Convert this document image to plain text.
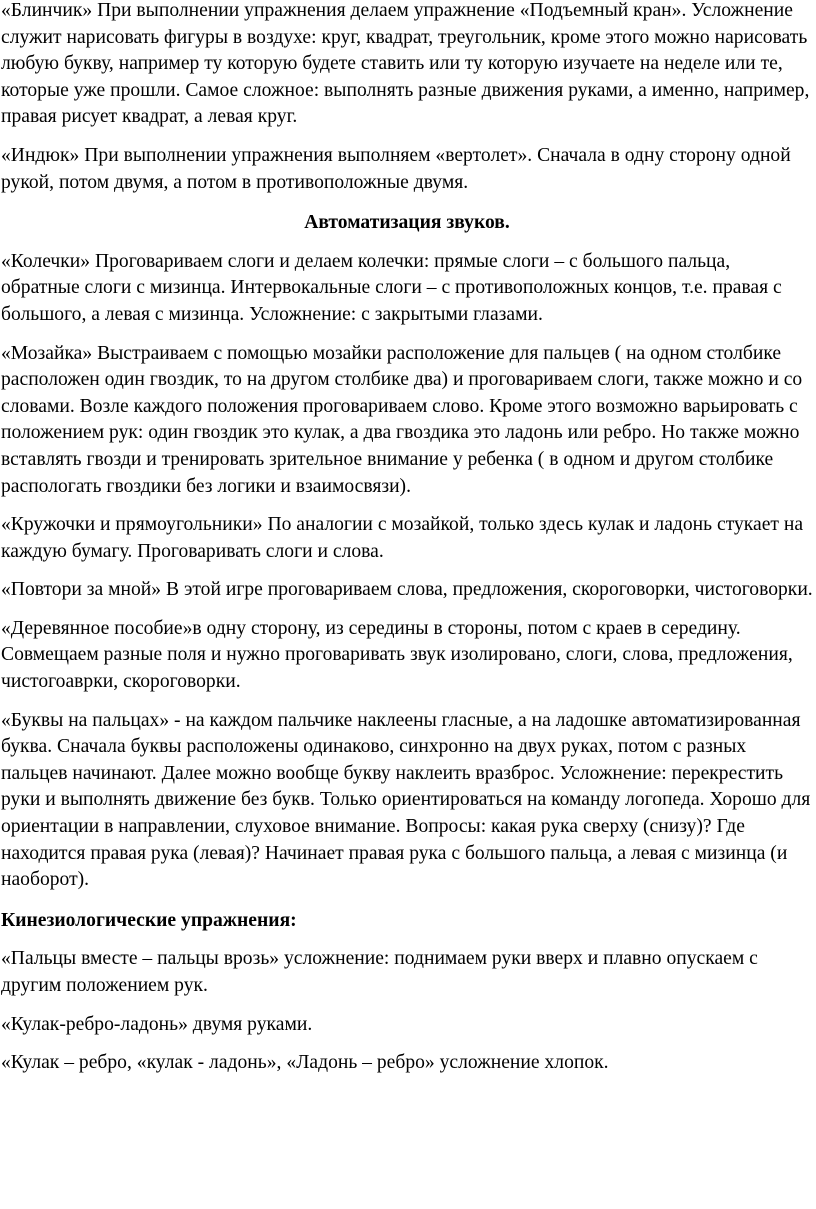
«Блинчик» При выполнении упражнения делаем упражнение «Подъемный кран». Усложнение служит нарисовать фигуры в воздухе: круг, квадрат, треугольник, кроме этого можно нарисовать любую букву, например ту которую будете ставить или ту которую изучаете на неделе или те, которые уже прошли. Самое сложное: выполнять разные движения руками, а именно, например, правая рисует квадрат, а левая круг.

«Индюк» При выполнении упражнения выполняем «вертолет». Сначала в одну сторону одной рукой, потом двумя, а потом в противоположные двумя.

Автоматизация звуков.

«Колечки» Проговариваем слоги и делаем колечки: прямые слоги – с большого пальца, обратные слоги с мизинца. Интервокальные слоги – с противоположных концов, т.е. правая с большого, а левая с мизинца. Усложнение: с закрытыми глазами.

«Мозайка» Выстраиваем с помощью мозайки расположение для пальцев ( на одном столбике расположен один гвоздик, то на другом столбике два) и проговариваем слоги, также можно и со словами. Возле каждого положения проговариваем слово. Кроме этого возможно варьировать с положением рук: один гвоздик это кулак, а два гвоздика это ладонь или ребро. Но также можно вставлять гвозди и тренировать зрительное внимание у ребенка ( в одном и другом столбике распологать гвоздики без логики и взаимосвязи).

«Кружочки и прямоугольники» По аналогии с мозайкой, только здесь кулак и ладонь стукает на каждую бумагу. Проговаривать слоги и слова.

«Повтори за мной» В этой игре проговариваем слова, предложения, скороговорки, чистоговорки.

«Деревянное пособие»в одну сторону, из середины в стороны, потом с краев в середину. Совмещаем разные поля и нужно проговаривать звук изолировано, слоги, слова, предложения, чистогоаврки, скороговорки.

«Буквы на пальцах» - на каждом пальчике наклеены гласные, а на ладошке автоматизированная буква. Сначала буквы расположены одинаково, синхронно на двух руках, потом с разных пальцев начинают. Далее можно вообще букву наклеить вразброс. Усложнение: перекрестить руки и выполнять движение без букв. Только ориентироваться на команду логопеда. Хорошо для ориентации в направлении, слуховое внимание. Вопросы: какая рука сверху (снизу)? Где находится правая рука (левая)? Начинает правая рука с большого пальца, а левая с мизинца (и наоборот).

Кинезиологические упражнения:

«Пальцы вместе – пальцы врозь» усложнение: поднимаем руки вверх и плавно опускаем с другим положением рук.

«Кулак-ребро-ладонь» двумя руками.

«Кулак – ребро, «кулак - ладонь», «Ладонь – ребро» усложнение хлопок.
